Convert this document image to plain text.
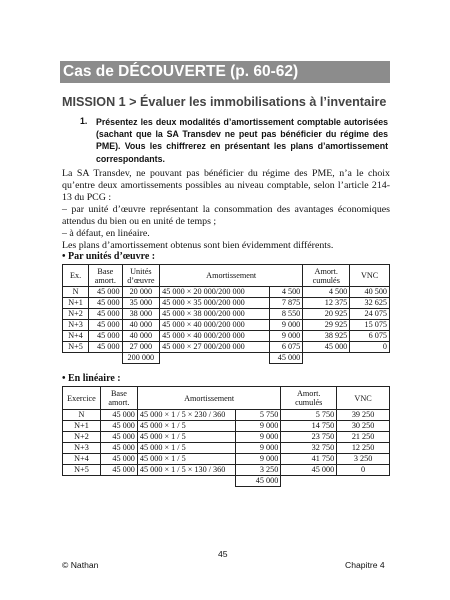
Cas de DÉCOUVERTE (p. 60-62)
MISSION 1 > Évaluer les immobilisations à l’inventaire
1. Présentez les deux modalités d’amortissement comptable autorisées (sachant que la SA Transdev ne peut pas bénéficier du régime des PME). Vous les chiffrerez en présentant les plans d’amortissement correspondants.
La SA Transdev, ne pouvant pas bénéficier du régime des PME, n’a le choix qu’entre deux amortissements possibles au niveau comptable, selon l’article 214-13 du PCG :
– par unité d’œuvre représentant la consommation des avantages économiques attendus du bien ou en unité de temps ;
– à défaut, en linéaire.
Les plans d’amortissement obtenus sont bien évidemment différents.
• Par unités d’œuvre :
Ex.	Base amort.	Unités d’œuvre	Amortissement		Amort. cumulés	VNC
N	45 000	20 000	45 000 × 20 000/200 000	4 500	4 500	40 500
N+1	45 000	35 000	45 000 × 35 000/200 000	7 875	12 375	32 625
N+2	45 000	38 000	45 000 × 38 000/200 000	8 550	20 925	24 075
N+3	45 000	40 000	45 000 × 40 000/200 000	9 000	29 925	15 075
N+4	45 000	40 000	45 000 × 40 000/200 000	9 000	38 925	6 075
N+5	45 000	27 000	45 000 × 27 000/200 000	6 075	45 000	0
		200 000		45 000		
• En linéaire :
Exercice	Base amort.	Amortissement		Amort. cumulés	VNC
N	45 000	45 000 × 1 / 5 × 230 / 360	5 750	5 750	39 250
N+1	45 000	45 000 × 1 / 5	9 000	14 750	30 250
N+2	45 000	45 000 × 1 / 5	9 000	23 750	21 250
N+3	45 000	45 000 × 1 / 5	9 000	32 750	12 250
N+4	45 000	45 000 × 1 / 5	9 000	41 750	3 250
N+5	45 000	45 000 × 1 / 5 × 130 / 360	3 250	45 000	0
			45 000		
45
© Nathan	Chapitre 4
